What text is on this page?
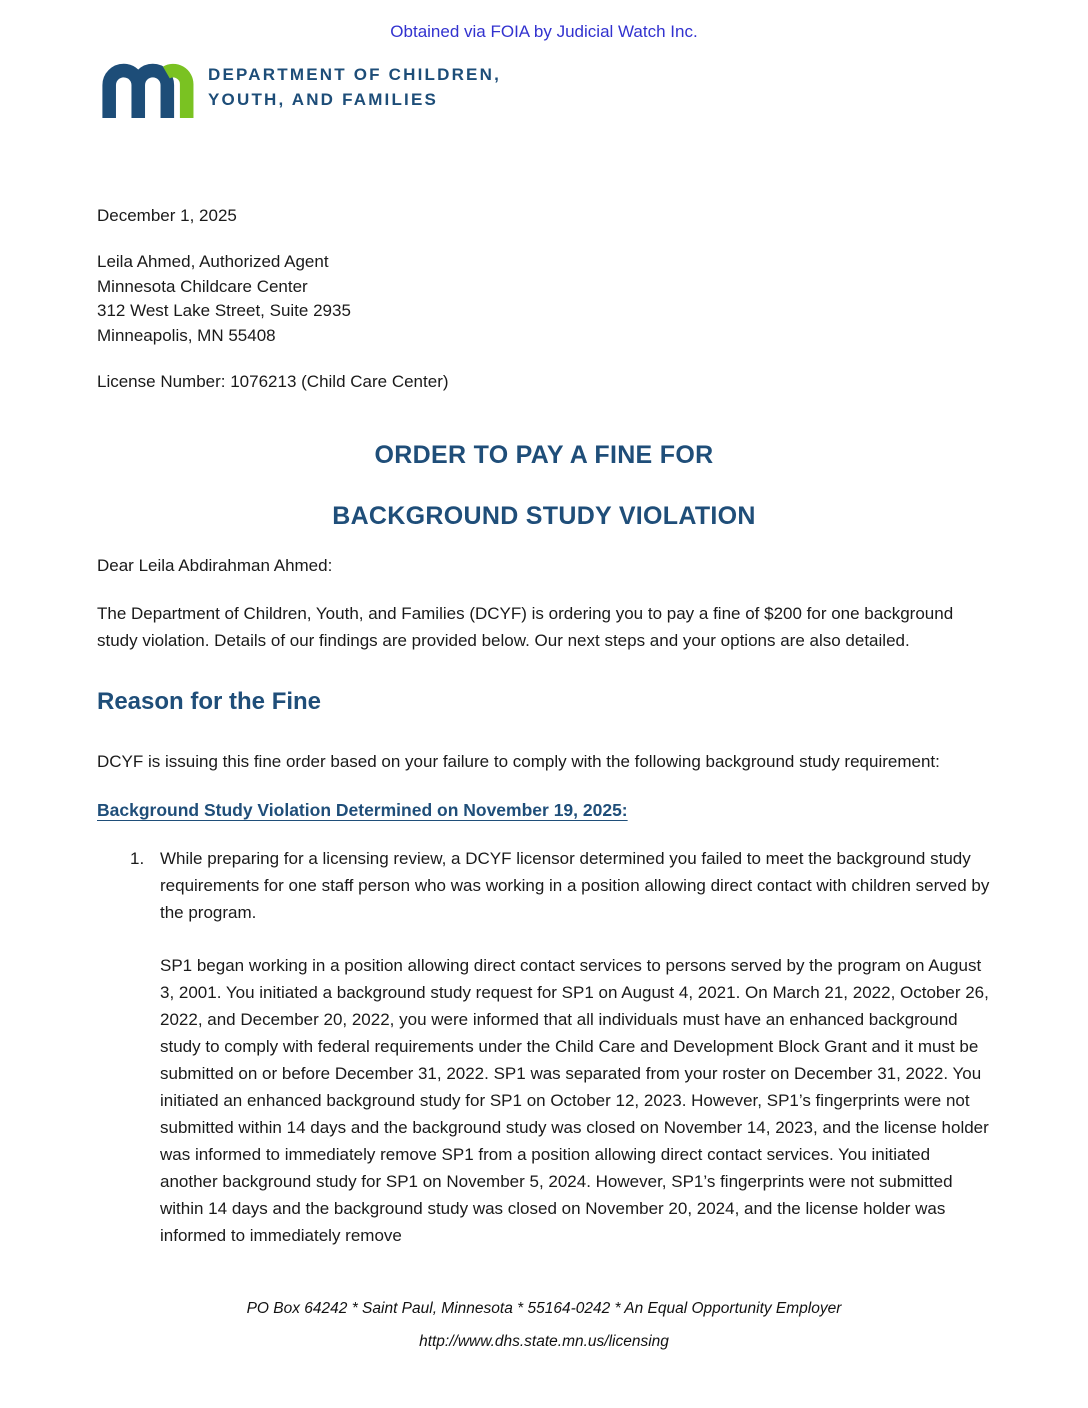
Obtained via FOIA by Judicial Watch Inc.
DEPARTMENT OF CHILDREN,
YOUTH, AND FAMILIES
December 1, 2025
Leila Ahmed, Authorized Agent
Minnesota Childcare Center
312 West Lake Street, Suite 2935
Minneapolis, MN 55408
License Number: 1076213 (Child Care Center)
ORDER TO PAY A FINE FOR
BACKGROUND STUDY VIOLATION
Dear Leila Abdirahman Ahmed:
The Department of Children, Youth, and Families (DCYF) is ordering you to pay a fine of $200 for one background study violation. Details of our findings are provided below. Our next steps and your options are also detailed.
Reason for the Fine
DCYF is issuing this fine order based on your failure to comply with the following background study requirement:
Background Study Violation Determined on November 19, 2025:
1. While preparing for a licensing review, a DCYF licensor determined you failed to meet the background study requirements for one staff person who was working in a position allowing direct contact with children served by the program.
SP1 began working in a position allowing direct contact services to persons served by the program on August 3, 2001. You initiated a background study request for SP1 on August 4, 2021. On March 21, 2022, October 26, 2022, and December 20, 2022, you were informed that all individuals must have an enhanced background study to comply with federal requirements under the Child Care and Development Block Grant and it must be submitted on or before December 31, 2022. SP1 was separated from your roster on December 31, 2022. You initiated an enhanced background study for SP1 on October 12, 2023. However, SP1’s fingerprints were not submitted within 14 days and the background study was closed on November 14, 2023, and the license holder was informed to immediately remove SP1 from a position allowing direct contact services. You initiated another background study for SP1 on November 5, 2024. However, SP1’s fingerprints were not submitted within 14 days and the background study was closed on November 20, 2024, and the license holder was informed to immediately remove
PO Box 64242 * Saint Paul, Minnesota * 55164-0242 * An Equal Opportunity Employer
http://www.dhs.state.mn.us/licensing
